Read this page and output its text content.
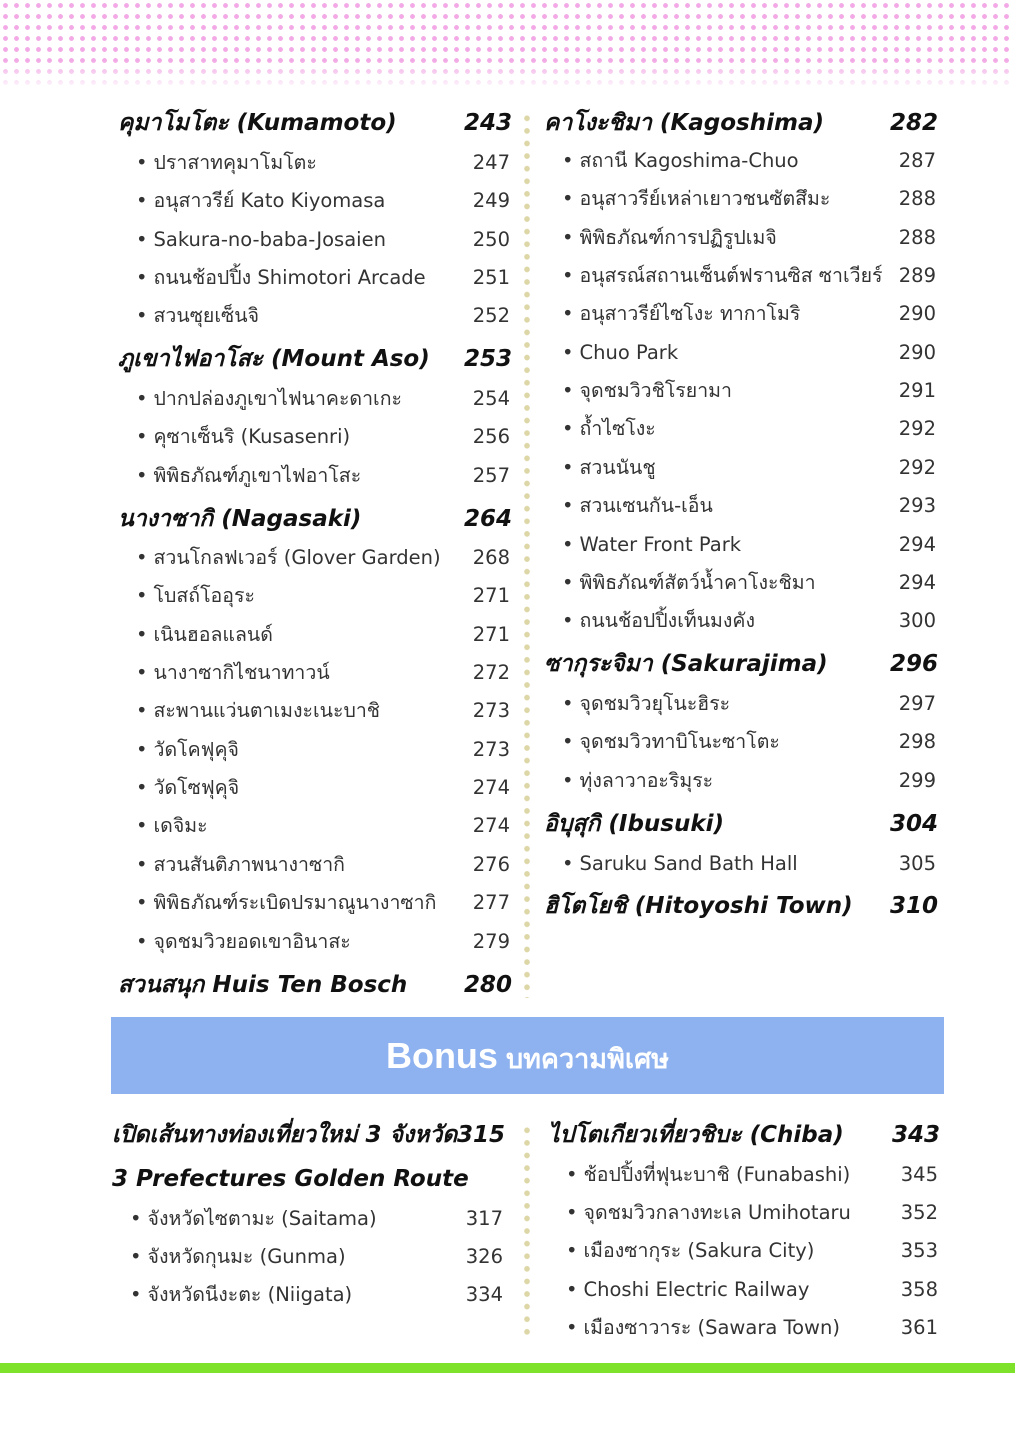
คุมาโมโตะ (Kumamoto)	243
• ปราสาทคุมาโมโตะ	247
• อนุสาวรีย์ Kato Kiyomasa	249
• Sakura-no-baba-Josaien	250
• ถนนช้อปปิ้ง Shimotori Arcade 251
• สวนซุยเซ็นจิ	252
ภูเขาไฟอาโสะ (Mount Aso) 253
• ปากปล่องภูเขาไฟนาคะดาเกะ	254
• คุซาเซ็นริ (Kusasenri)	256
• พิพิธภัณฑ์ภูเขาไฟอาโสะ	257
นางาซากิ (Nagasaki)	264
• สวนโกลฟเวอร์ (Glover Garden) 268
• โบสถ์โออุระ	271
• เนินฮอลแลนด์	271
• นางาซากิไชนาทาวน์	272
• สะพานแว่นตาเมงะเนะบาชิ	273
• วัดโคฟุคุจิ	273
• วัดโซฟุคุจิ	274
• เดจิมะ	274
• สวนสันติภาพนางาซากิ	276
• พิพิธภัณฑ์ระเบิดปรมาณูนางาซากิ 277
• จุดชมวิวยอดเขาอินาสะ	279
สวนสนุก Huis Ten Bosch 280
คาโงะชิมา (Kagoshima)	282
• สถานี Kagoshima-Chuo	287
• อนุสาวรีย์เหล่าเยาวชนซัตสึมะ	288
• พิพิธภัณฑ์การปฏิรูปเมจิ	288
• อนุสรณ์สถานเซ็นต์ฟรานซิส ซาเวียร์ 289
• อนุสาวรีย์ไซโงะ ทากาโมริ	290
• Chuo Park	290
• จุดชมวิวชิโรยามา	291
• ถ้ำไซโงะ	292
• สวนนันชู	292
• สวนเซนกัน-เอ็น	293
• Water Front Park	294
• พิพิธภัณฑ์สัตว์น้ำคาโงะชิมา	294
• ถนนช้อปปิ้งเท็นมงคัง	300
ซากุระจิมา (Sakurajima)	296
• จุดชมวิวยุโนะฮิระ	297
• จุดชมวิวทาบิโนะซาโตะ	298
• ทุ่งลาวาอะริมุระ	299
อิบุสุกิ (Ibusuki)	304
• Saruku Sand Bath Hall	305
ฮิโตโยชิ (Hitoyoshi Town) 310
Bonus บทความพิเศษ
เปิดเส้นทางท่องเที่ยวใหม่ 3 จังหวัด 315
3 Prefectures Golden Route
• จังหวัดไซตามะ (Saitama)	317
• จังหวัดกุนมะ (Gunma)	326
• จังหวัดนีงะตะ (Niigata)	334
ไปโตเกียวเที่ยวชิบะ (Chiba) 343
• ช้อปปิ้งที่ฟุนะบาชิ (Funabashi)	345
• จุดชมวิวกลางทะเล Umihotaru	352
• เมืองซากุระ (Sakura City)	353
• Choshi Electric Railway	358
• เมืองซาวาระ (Sawara Town)	361
